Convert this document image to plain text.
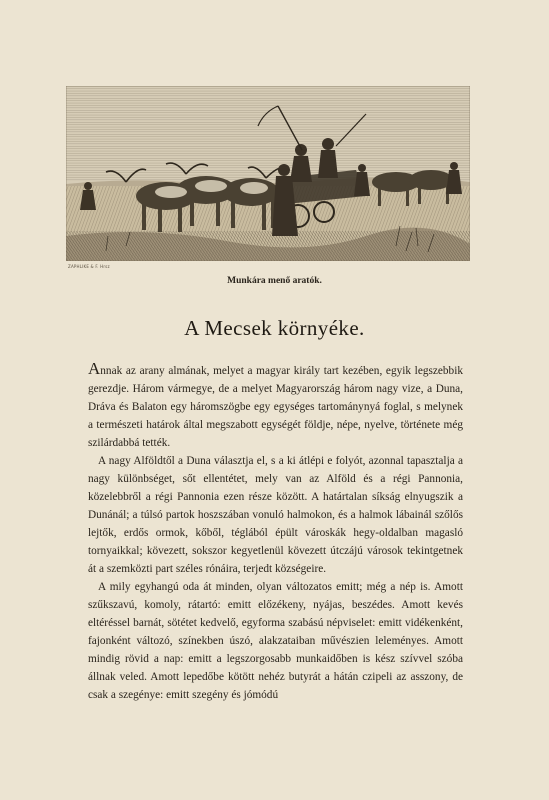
ZAPHLIKE & F. Hrsz
Munkára menő aratók.
A Mecsek környéke.

Annak az arany almának, melyet a magyar király tart kezében, egyik legszebbik gerezdje. Három vármegye, de a melyet Magyarország három nagy vize, a Duna, Dráva és Balaton egy háromszögbe egy egységes tartománynyá foglal, s melynek a természeti határok által megszabott egységét földje, népe, nyelve, története még szilárdabbá tették.

A nagy Alföldtől a Duna választja el, s a ki átlépi e folyót, azonnal tapasztalja a nagy különbséget, sőt ellentétet, mely van az Alföld és a régi Pannonia, közelebbről a régi Pannonia ezen része között. A határtalan síkság elnyugszik a Dunánál; a túlsó partok hoszszában vonuló halmokon, és a halmok lábainál szőlős lejtők, erdős ormok, kőből, téglából épült városkák hegy-oldalban magasló tornyaikkal; kövezett, sokszor kegyetlenül kövezett útczájú városok tekintgetnek át a szemközti part széles rónáira, terjedt községeire.

A mily egyhangú oda át minden, olyan változatos emitt; még a nép is. Amott szűkszavú, komoly, rátartó: emitt előzékeny, nyájas, beszédes. Amott kevés eltéréssel barnát, sötétet kedvelő, egyforma szabású népviselet: emitt vidékenként, fajonként változó, színekben úszó, alakzataiban művészien leleményes. Amott mindig rövid a nap: emitt a legszorgosabb munkaidőben is kész szívvel szóba állnak veled. Amott lepedőbe kötött nehéz butyrát a hátán czipeli az asszony, de csak a szegénye: emitt szegény és jómódú
